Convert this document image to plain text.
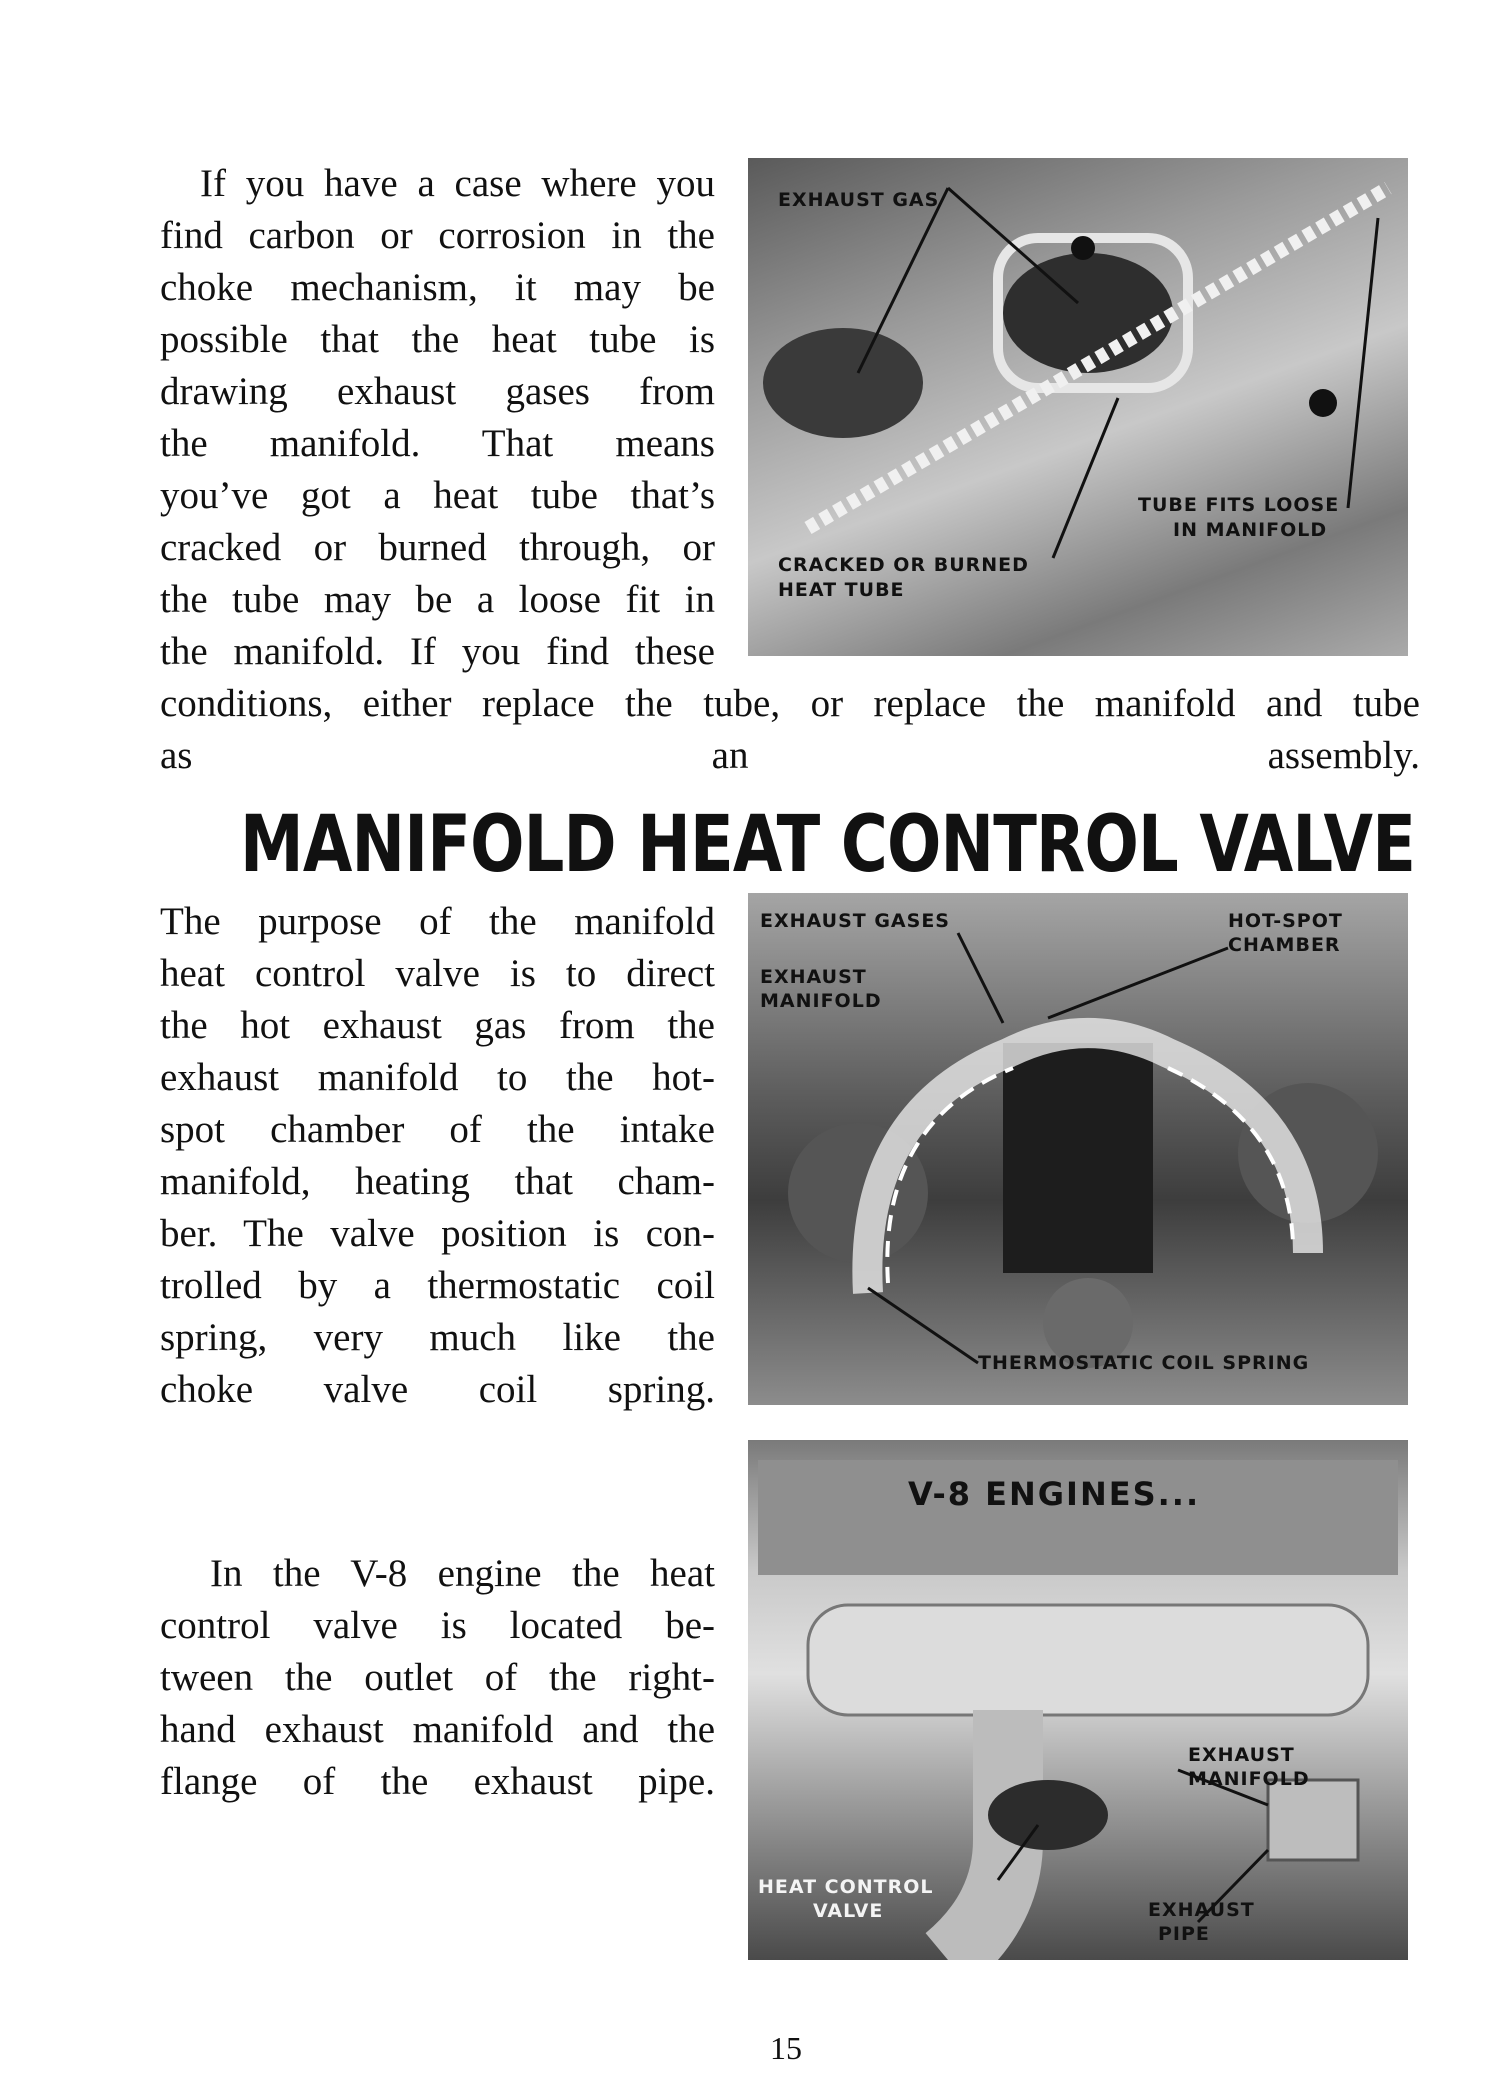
If you have a case where you
find carbon or corrosion in the
choke mechanism, it may be
possible that the heat tube is
drawing exhaust gases from
the manifold. That means
you’ve got a heat tube that’s
cracked or burned through, or
the tube may be a loose fit in
the manifold. If you find these
conditions, either replace the tube, or replace the manifold and tube
as an assembly.
EXHAUST GAS
TUBE FITS LOOSE
IN MANIFOLD
CRACKED OR BURNED
HEAT TUBE
MANIFOLD HEAT CONTROL VALVE
The purpose of the manifold
heat control valve is to direct
the hot exhaust gas from the
exhaust manifold to the hot-
spot chamber of the intake
manifold, heating that cham-
ber. The valve position is con-
trolled by a thermostatic coil
spring, very much like the
choke valve coil spring.
EXHAUST GASES
EXHAUST
MANIFOLD
HOT-SPOT
CHAMBER
THERMOSTATIC COIL SPRING
In the V-8 engine the heat
control valve is located be-
tween the outlet of the right-
hand exhaust manifold and the
flange of the exhaust pipe.
V-8 ENGINES...
EXHAUST
MANIFOLD
HEAT CONTROL
VALVE	EXHAUST
PIPE
15
